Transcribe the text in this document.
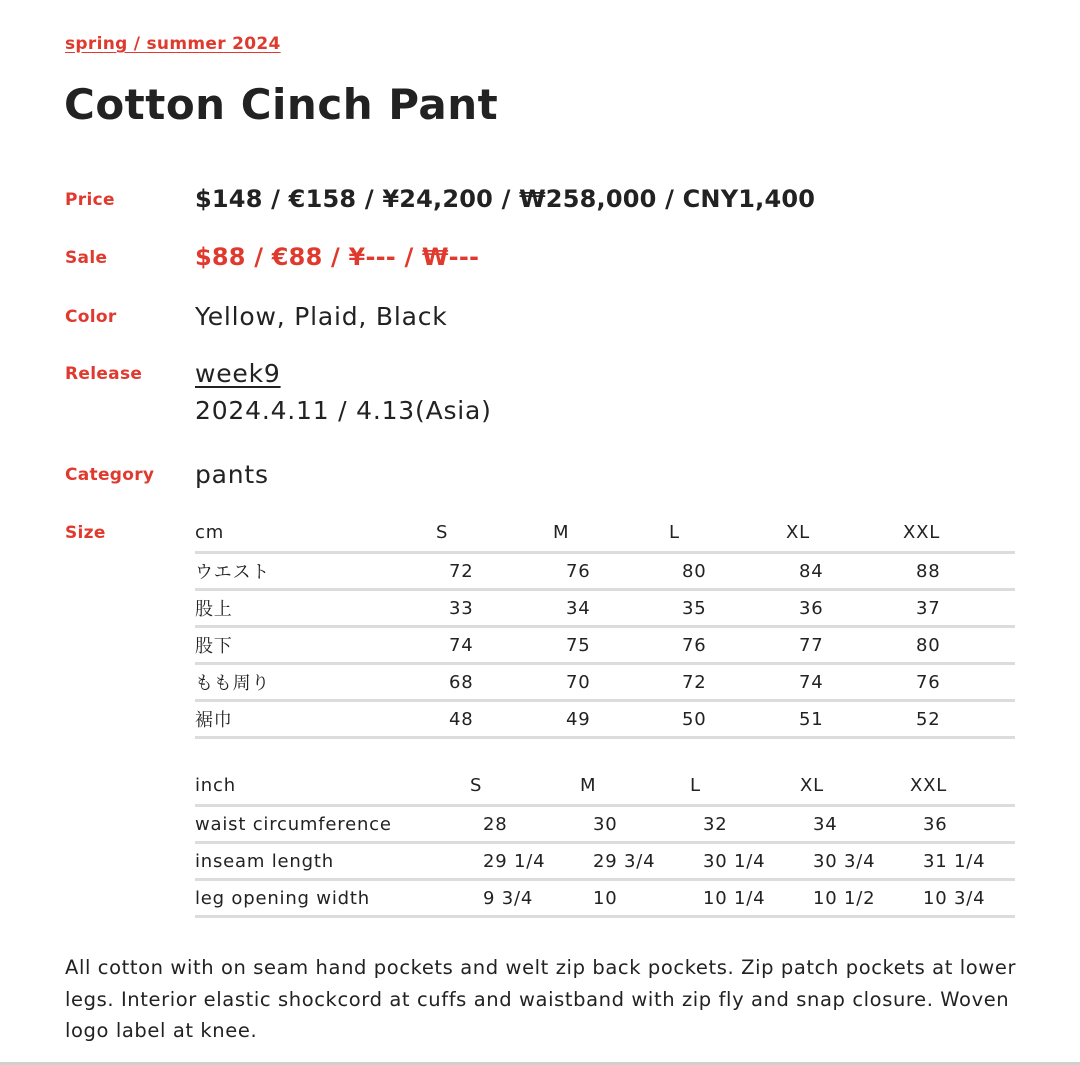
spring / summer 2024
Cotton Cinch Pant
Price	$148 / €158 / ¥24,200 / ₩258,000 / CNY1,400
Sale	$88 / €88 / ¥--- / ₩---
Color	Yellow, Plaid, Black
Release week9
2024.4.11 / 4.13(Asia)
Category pants
Size	cm	S	M	L	XL	XXL
ウエスト	72	76	80	84	88
股上	33	34	35	36	37
股下	74	75	76	77	80
もも周り	68	70	72	74	76
裾巾	48	49	50	51	52
inch	S	M	L	XL	XXL
waist circumference	28	30	32	34	36
inseam length	29 1/4	29 3/4	30 1/4	30 3/4	31 1/4
leg opening width	9 3/4	10	10 1/4	10 1/2	10 3/4

All cotton with on seam hand pockets and welt zip back pockets. Zip patch pockets at lower legs. Interior elastic shockcord at cuffs and waistband with zip fly and snap closure. Woven logo label at knee.
